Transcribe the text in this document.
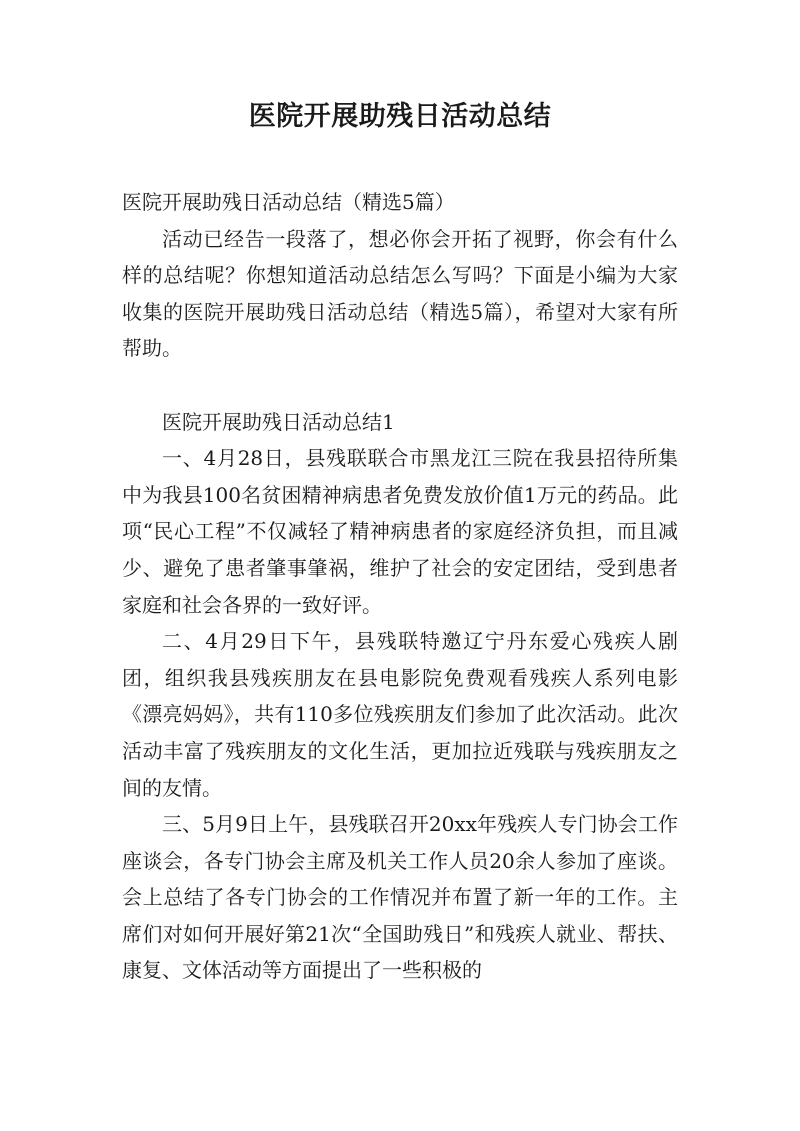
医院开展助残日活动总结

医院开展助残日活动总结（精选5篇）

活动已经告一段落了，想必你会开拓了视野，你会有什么样的总结呢？你想知道活动总结怎么写吗？下面是小编为大家收集的医院开展助残日活动总结（精选5篇），希望对大家有所帮助。

医院开展助残日活动总结1

一、4月28日，县残联联合市黑龙江三院在我县招待所集中为我县100名贫困精神病患者免费发放价值1万元的药品。此项“民心工程”不仅减轻了精神病患者的家庭经济负担，而且减少、避免了患者肇事肇祸，维护了社会的安定团结，受到患者家庭和社会各界的一致好评。

二、4月29日下午，县残联特邀辽宁丹东爱心残疾人剧团，组织我县残疾朋友在县电影院免费观看残疾人系列电影《漂亮妈妈》，共有110多位残疾朋友们参加了此次活动。此次活动丰富了残疾朋友的文化生活，更加拉近残联与残疾朋友之间的友情。

三、5月9日上午，县残联召开20xx年残疾人专门协会工作座谈会，各专门协会主席及机关工作人员20余人参加了座谈。会上总结了各专门协会的工作情况并布置了新一年的工作。主席们对如何开展好第21次“全国助残日”和残疾人就业、帮扶、康复、文体活动等方面提出了一些积极的
